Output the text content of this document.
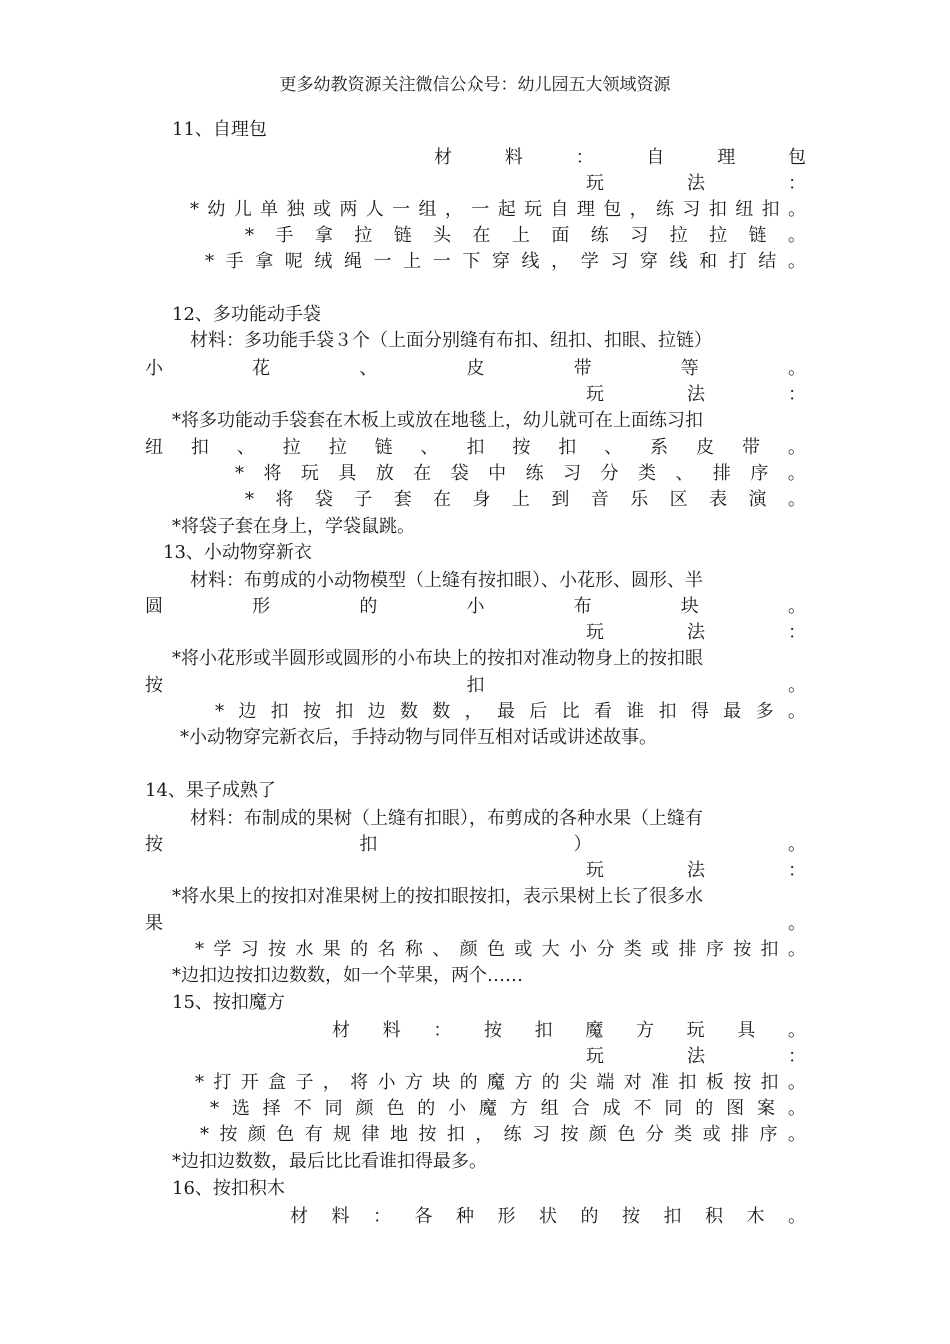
更多幼教资源关注微信公众号：幼儿园五大领域资源
11、自理包
材	料	：	自	理	包
玩	法	：
* 幼 儿 单 独 或 两 人 一 组 ， 一 起 玩 自 理 包 ， 练 习 扣 纽 扣 。
* 手 拿 拉 链 头 在 上 面 练 习 拉 拉 链 。
* 手 拿 呢 绒 绳 一 上 一 下 穿 线 ， 学 习 穿 线 和 打 结 。
12、多功能动手袋
材料：多功能手袋３个（上面分别缝有布扣、纽扣、扣眼、拉链）
小	花	、	皮	带	等	。
玩	法	：
*将多功能动手袋套在木板上或放在地毯上，幼儿就可在上面练习扣
纽 扣 、 拉 拉 链 、 扣 按 扣 、 系 皮 带 。
* 将 玩 具 放 在 袋 中 练 习 分 类 、 排 序 。
* 将 袋 子 套 在 身 上 到 音 乐 区 表 演 。
*将袋子套在身上，学袋鼠跳。
13、小动物穿新衣
材料：布剪成的小动物模型（上缝有按扣眼）、小花形、圆形、半
圆	形	的	小	布	块	。
玩	法	：
*将小花形或半圆形或圆形的小布块上的按扣对准动物身上的按扣眼
按	扣	。
* 边 扣 按 扣 边 数 数 ， 最 后 比 看 谁 扣 得 最 多 。
*小动物穿完新衣后，手持动物与同伴互相对话或讲述故事。
14、果子成熟了
材料：布制成的果树（上缝有扣眼），布剪成的各种水果（上缝有
按	扣	）	。
玩	法	：
*将水果上的按扣对准果树上的按扣眼按扣，表示果树上长了很多水
果	。
* 学 习 按 水 果 的 名 称 、 颜 色 或 大 小 分 类 或 排 序 按 扣 。
*边扣边按扣边数数，如一个苹果，两个……
15、按扣魔方
材 料 ： 按 扣 魔 方 玩 具 。
玩	法	：
* 打 开 盒 子 ， 将 小 方 块 的 魔 方 的 尖 端 对 准 扣 板 按 扣 。
* 选 择 不 同 颜 色 的 小 魔 方 组 合 成 不 同 的 图 案 。
* 按 颜 色 有 规 律 地 按 扣 ， 练 习 按 颜 色 分 类 或 排 序 。
*边扣边数数，最后比比看谁扣得最多。
16、按扣积木
材 料 ： 各 种 形 状 的 按 扣 积 木 。
